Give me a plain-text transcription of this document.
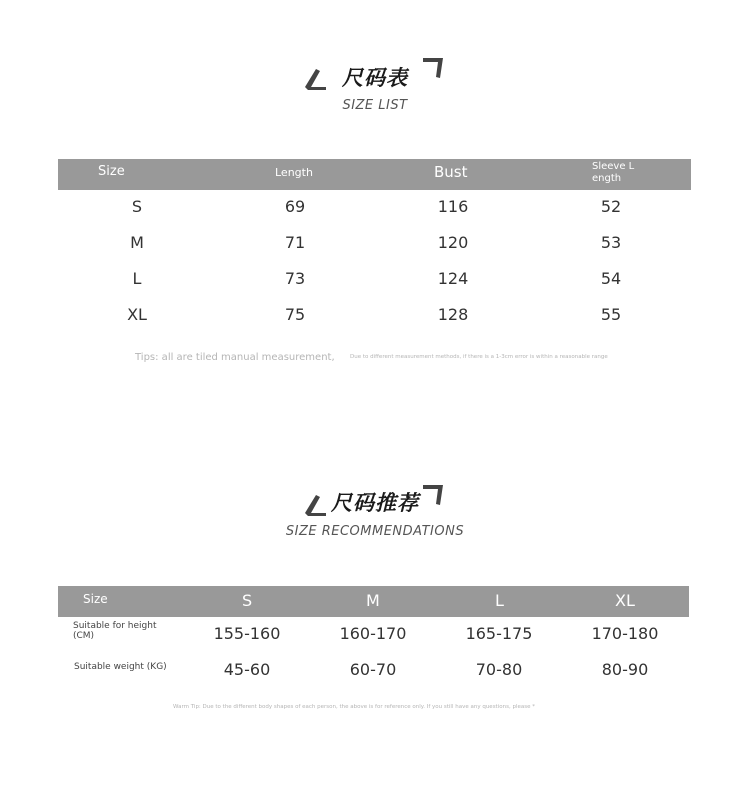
尺码表
SIZE LIST
Size	Length	Bust	Sleeve L
ength
S	69	116	52
M	71	120	53
L	73	124	54
XL	75	128	55
Tips: all are tiled manual measurement,	Due to different measurement methods, if there is a 1-3cm error is within a reasonable range
尺码推荐
SIZE RECOMMENDATIONS
Size	S	M	L	XL
Suitable for height
(CM)	155-160	160-170	165-175	170-180
Suitable weight (KG)	45-60	60-70	70-80	80-90
Warm Tip: Due to the different body shapes of each person, the above is for reference only. If you still have any questions, please *
